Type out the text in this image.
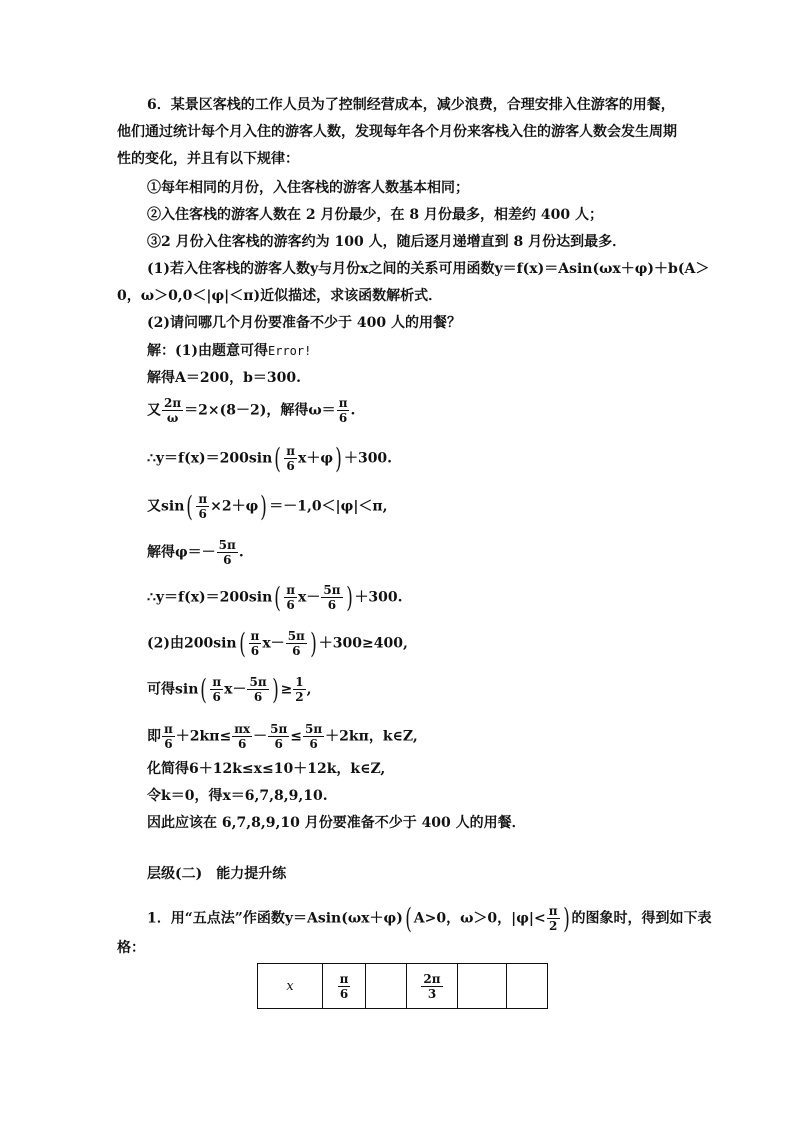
6．某景区客栈的工作人员为了控制经营成本，减少浪费，合理安排入住游客的用餐，他们通过统计每个月入住的游客人数，发现每年各个月份来客栈入住的游客人数会发生周期性的变化，并且有以下规律：
①每年相同的月份，入住客栈的游客人数基本相同；
②入住客栈的游客人数在 2 月份最少，在 8 月份最多，相差约 400 人；
③2 月份入住客栈的游客约为 100 人，随后逐月递增直到 8 月份达到最多．
(1)若入住客栈的游客人数y与月份x之间的关系可用函数y＝f(x)＝Asin(ωx＋φ)＋b(A＞
0，ω＞0,0＜|φ|＜π)近似描述，求该函数解析式．
(2)请问哪几个月份要准备不少于 400 人的用餐？
解：(1)由题意可得Error!
解得A＝200，b＝300.
又 $\frac{2\pi}{\omega} =2\times(8-2)$，解得$\omega= \frac{\pi}{6}$ .
∴y＝f(x)＝200sin( $\frac{\pi}{6} x+\varphi) +300$.
又$\sin( \frac{\pi}{6} \times 2+\varphi) =-1,0<|\varphi|<\pi$,
解得$\varphi=- \frac{5\pi}{6}$ .
∴y＝f(x)＝200sin( $\frac{\pi}{6} x- \frac{5\pi}{6}$ ) ＋300.
(2)由$200\sin( \frac{\pi}{6} x- \frac{5\pi}{6}$ ) ＋300≥400,
可得$\sin( \frac{\pi}{6} x- \frac{5\pi}{6}$ ) ≥ $\frac{1}{2}$ ,
即 $\frac{\pi}{6} +2k\pi\le \frac{\pi x}{6} - \frac{5\pi}{6} \le \frac{5\pi}{6} +2k\pi$，k∈Z,
化简得6＋12k≤x≤10＋12k，k∈Z,
令k＝0，得x＝6,7,8,9,10.
因此应该在 6,7,8,9,10 月份要准备不少于 400 人的用餐．
层级(二)　能力提升练
1．用“五点法”作函数y＝Asin(ωx＋φ)( A>0，ω＞0，$|\varphi|< \frac{\pi}{2}$ ) 的图象时，得到如下表
格：
x	$\frac{\pi}{6}$		$\frac{2\pi}{3}$
